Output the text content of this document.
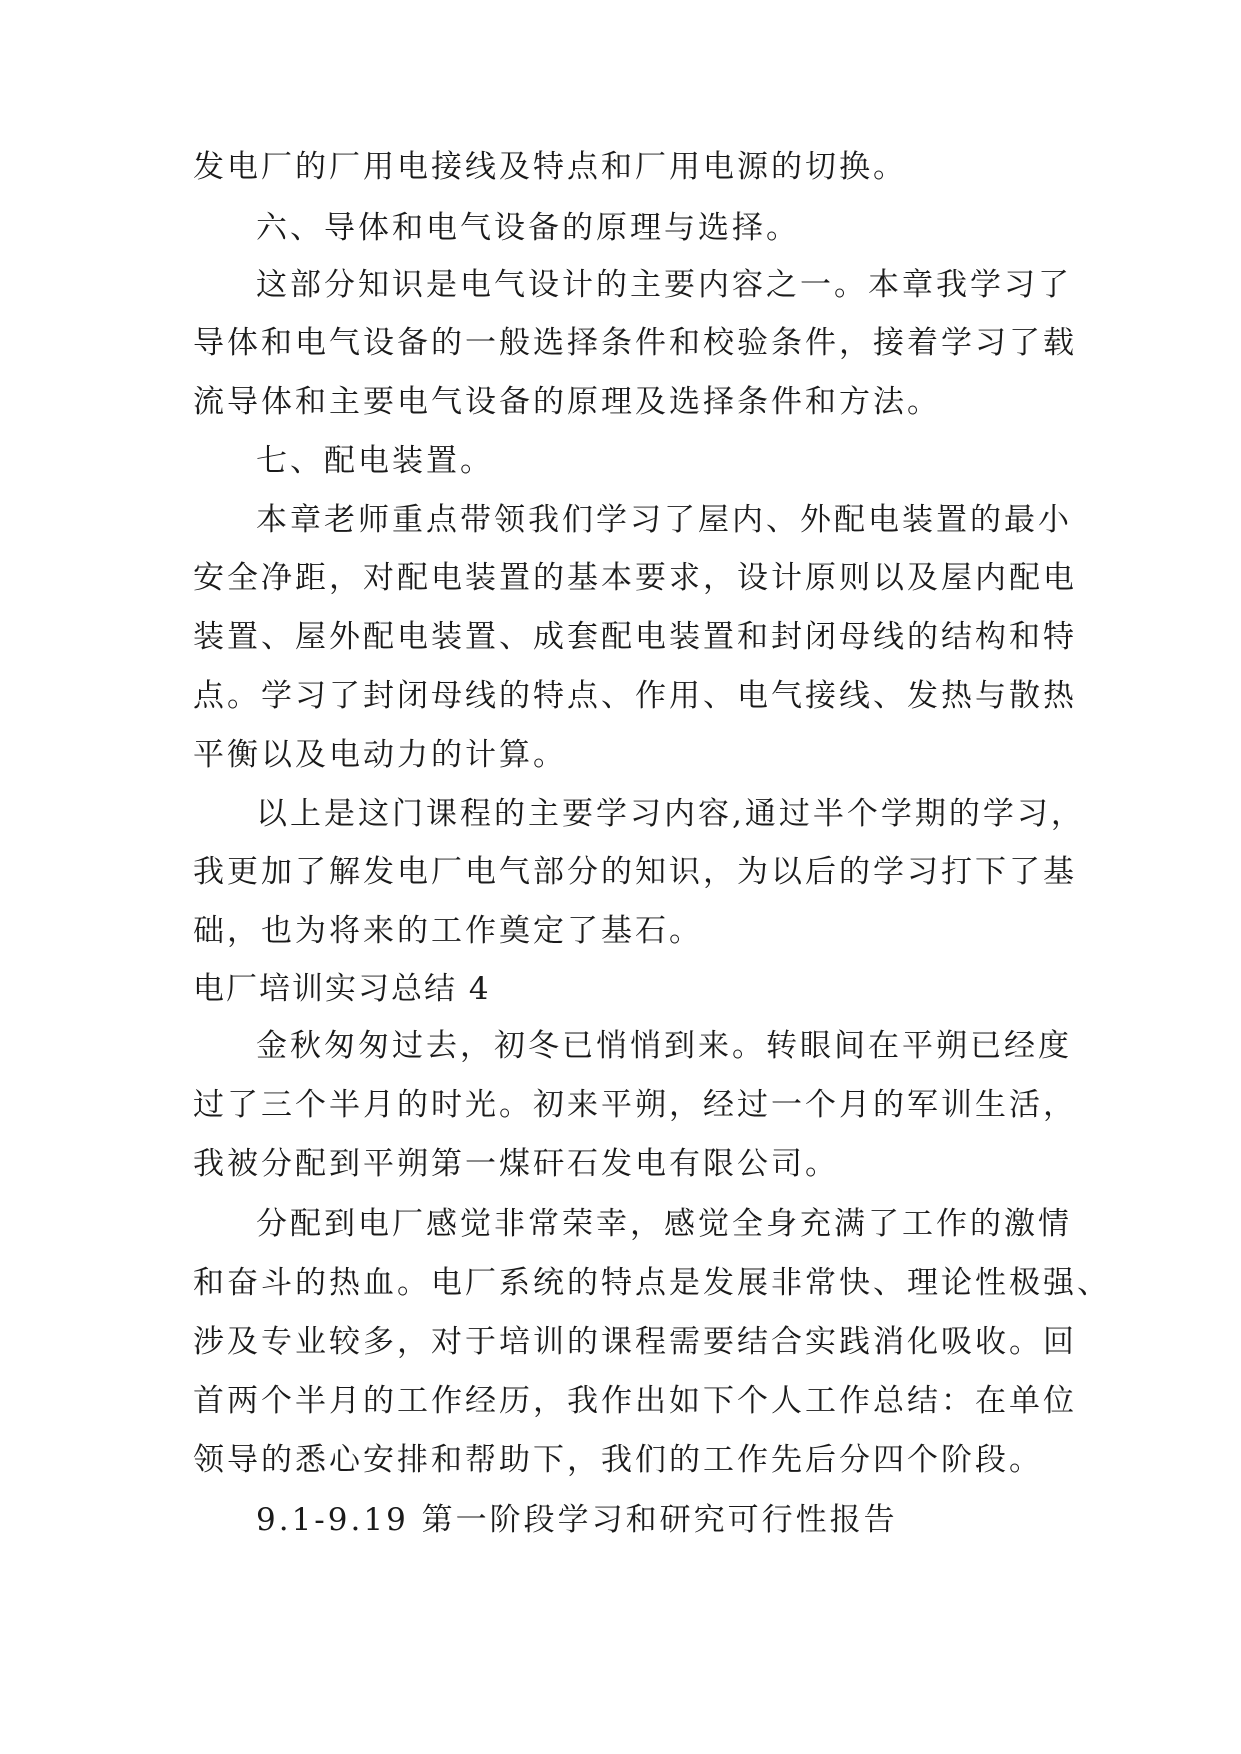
发电厂的厂用电接线及特点和厂用电源的切换。
六、导体和电气设备的原理与选择。
这部分知识是电气设计的主要内容之一。本章我学习了
导体和电气设备的一般选择条件和校验条件，接着学习了载
流导体和主要电气设备的原理及选择条件和方法。
七、配电装置。
本章老师重点带领我们学习了屋内、外配电装置的最小
安全净距，对配电装置的基本要求，设计原则以及屋内配电
装置、屋外配电装置、成套配电装置和封闭母线的结构和特
点。学习了封闭母线的特点、作用、电气接线、发热与散热
平衡以及电动力的计算。
以上是这门课程的主要学习内容,通过半个学期的学习，
我更加了解发电厂电气部分的知识，为以后的学习打下了基
础，也为将来的工作奠定了基石。
电厂培训实习总结 4
金秋匆匆过去，初冬已悄悄到来。转眼间在平朔已经度
过了三个半月的时光。初来平朔，经过一个月的军训生活，
我被分配到平朔第一煤矸石发电有限公司。
分配到电厂感觉非常荣幸，感觉全身充满了工作的激情
和奋斗的热血。电厂系统的特点是发展非常快、理论性极强、
涉及专业较多，对于培训的课程需要结合实践消化吸收。回
首两个半月的工作经历，我作出如下个人工作总结：在单位
领导的悉心安排和帮助下，我们的工作先后分四个阶段。
9.1-9.19 第一阶段学习和研究可行性报告
